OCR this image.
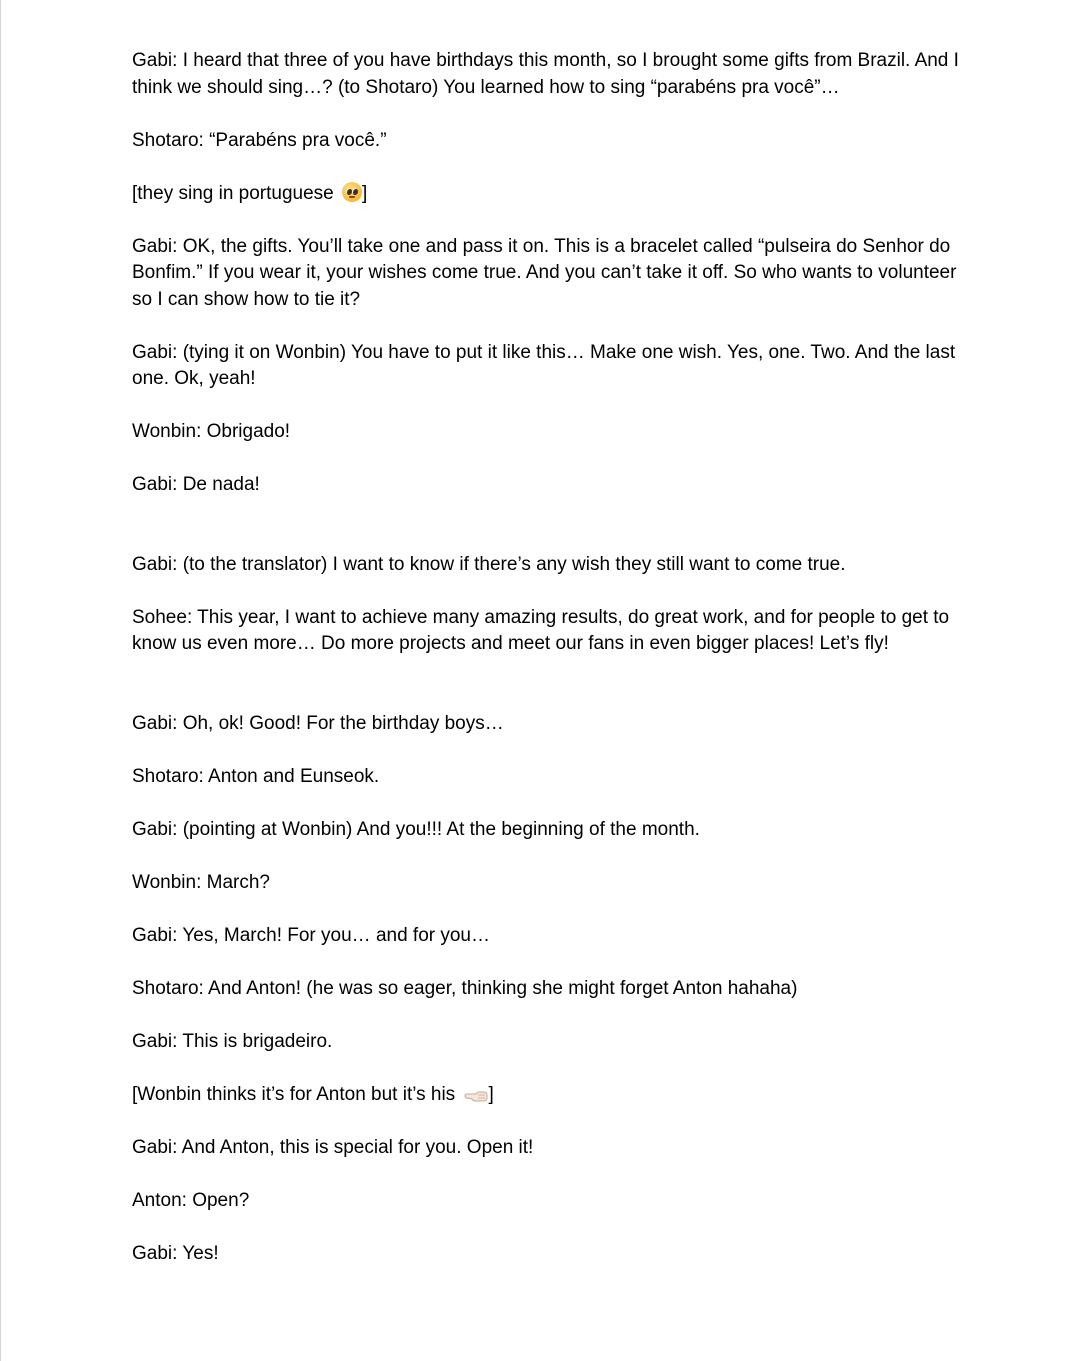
Gabi: I heard that three of you have birthdays this month, so I brought some gifts from Brazil. And I think we should sing…? (to Shotaro) You learned how to sing “parabéns pra você”…

Shotaro: “Parabéns pra você.”

[they sing in portuguese
]

Gabi: OK, the gifts. You’ll take one and pass it on. This is a bracelet called “pulseira do Senhor do Bonfim.” If you wear it, your wishes come true. And you can’t take it off. So who wants to volunteer so I can show how to tie it?

Gabi: (tying it on Wonbin) You have to put it like this… Make one wish. Yes, one. Two. And the last one. Ok, yeah!

Wonbin: Obrigado!

Gabi: De nada!

Gabi: (to the translator) I want to know if there’s any wish they still want to come true.

Sohee: This year, I want to achieve many amazing results, do great work, and for people to get to know us even more… Do more projects and meet our fans in even bigger places! Let’s fly!

Gabi: Oh, ok! Good! For the birthday boys…

Shotaro: Anton and Eunseok.

Gabi: (pointing at Wonbin) And you!!! At the beginning of the month.

Wonbin: March?

Gabi: Yes, March! For you… and for you…

Shotaro: And Anton! (he was so eager, thinking she might forget Anton hahaha)

Gabi: This is brigadeiro.

[Wonbin thinks it’s for Anton but it’s his
]

Gabi: And Anton, this is special for you. Open it!

Anton: Open?

Gabi: Yes!
